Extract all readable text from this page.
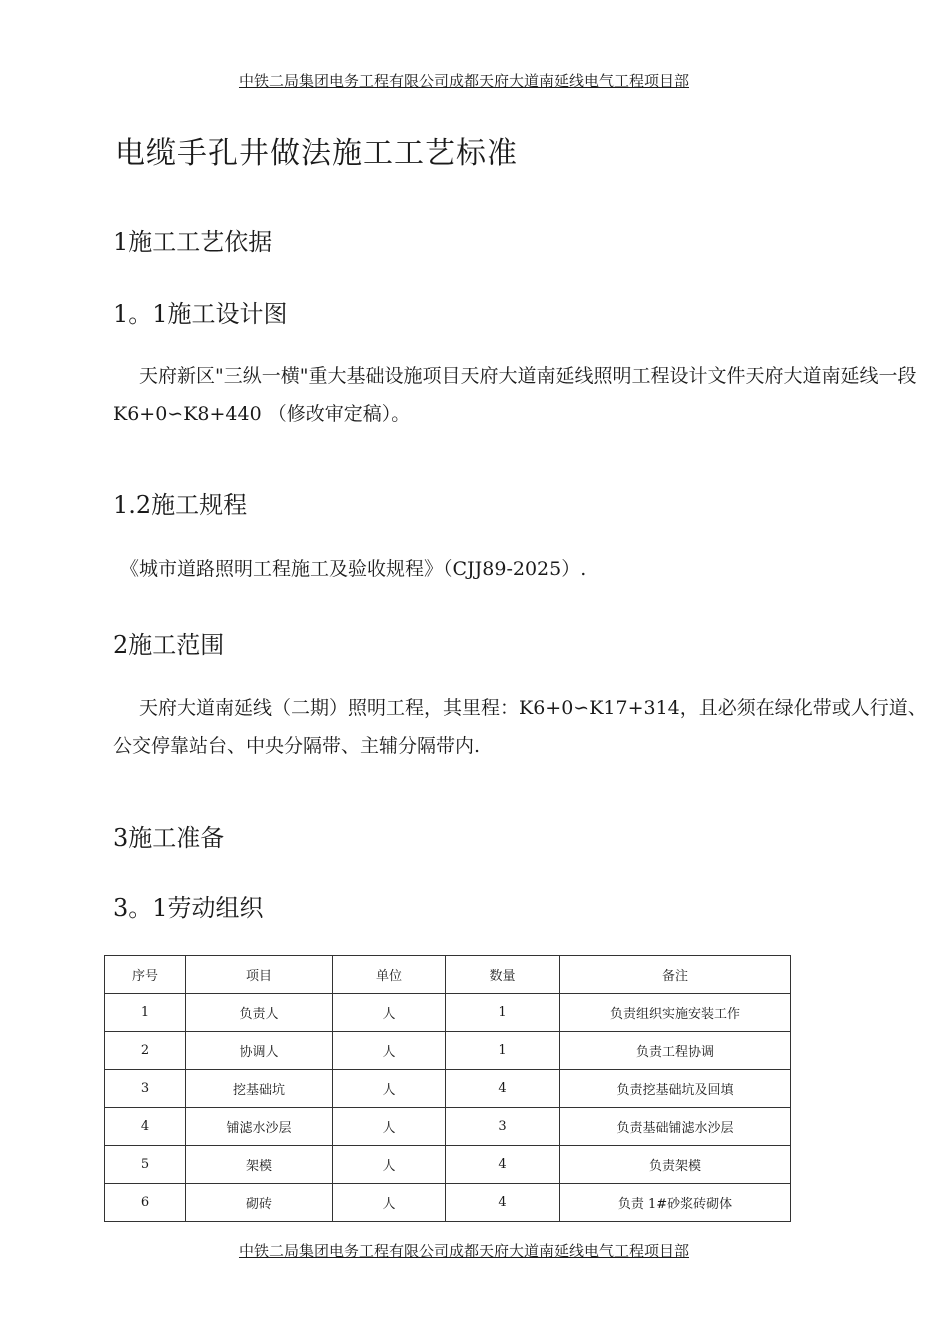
中铁二局集团电务工程有限公司成都天府大道南延线电气工程项目部
电缆手孔井做法施工工艺标准
1施工工艺依据
1。1施工设计图

天府新区"三纵一横"重大基础设施项目天府大道南延线照明工程设计文件天府大道南延线一段K6+0∽K8+440 （修改审定稿）。

1.2施工规程

《城市道路照明工程施工及验收规程》（CJJ89-2025）.

2施工范围

天府大道南延线（二期）照明工程，其里程：K6+0∽K17+314，且必须在绿化带或人行道、公交停靠站台、中央分隔带、主辅分隔带内.

3施工准备
3。1劳动组织
序号	项目	单位	数量	备注
1	负责人	人	1	负责组织实施安装工作
2	协调人	人	1	负责工程协调
3	挖基础坑	人	4	负责挖基础坑及回填
4	铺滤水沙层	人	3	负责基础铺滤水沙层
5	架模	人	4	负责架模
6	砌砖	人	4	负责 1#砂浆砖砌体
中铁二局集团电务工程有限公司成都天府大道南延线电气工程项目部
